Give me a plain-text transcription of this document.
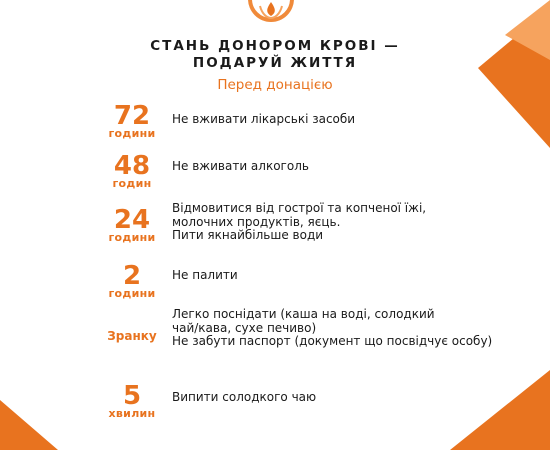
СТАНЬ ДОНОРОМ КРОВІ —
ПОДАРУЙ ЖИТТЯ
Перед донацією
72
години
Не вживати лікарські засоби
48
годин
Не вживати алкоголь
24
години
Відмовитися від гострої та копченої їжі,
молочних продуктів, яєць.
Пити якнайбільше води
2
години
Не палити
Зранку
Легко поснідати (каша на воді, солодкий
чай/кава, сухе печиво)
Не забути паспорт (документ що посвідчує особу)
5
хвилин
Випити солодкого чаю
